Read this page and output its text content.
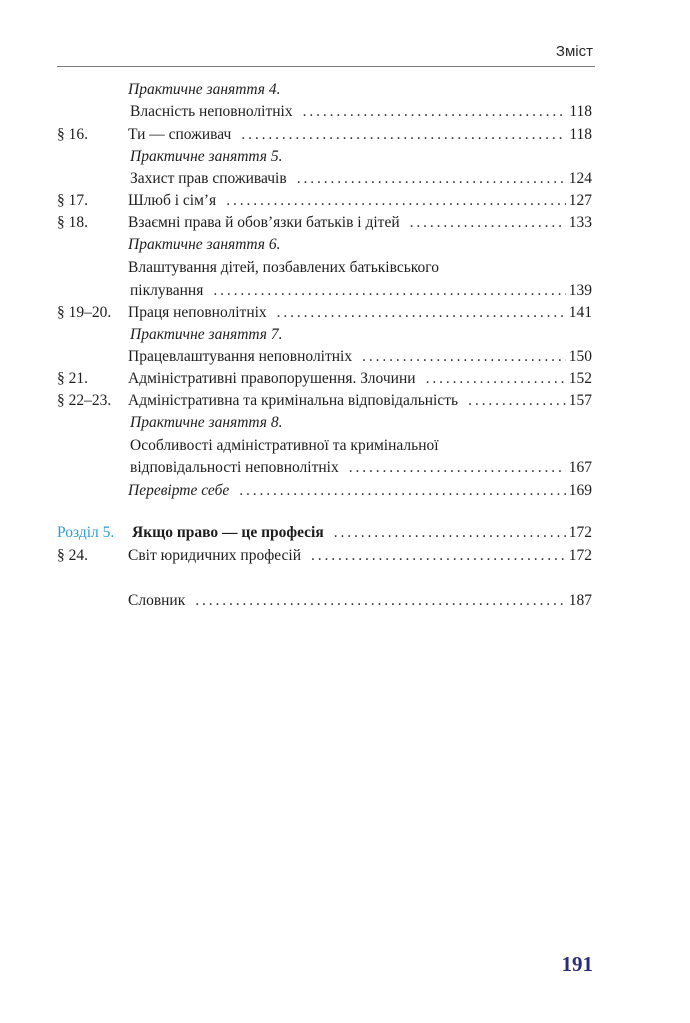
Зміст
Практичне заняття 4.
Власність неповнолітніх . . .	118
§ 16.	Ти — споживач . . .	118
Практичне заняття 5.
Захист прав споживачів . . .	124
§ 17.	Шлюб і сім’я . . .	127
§ 18.	Взаємні права й обов’язки батьків і дітей . . .	133
Практичне заняття 6.
Влаштування дітей, позбавлених батьківського
піклування . . .	139
§ 19–20. Праця неповнолітніх . . .	141
Практичне заняття 7.
Працевлаштування неповнолітніх . . .	150
§ 21.	Адміністративні правопорушення. Злочини . . .	152
§ 22–23. Адміністративна та кримінальна відповідальність . . .	157
Практичне заняття 8.
Особливості адміністративної та кримінальної
відповідальності неповнолітніх . . .	167
Перевірте себе . . .	169
Розділ 5. Якщо право — це професія . . .	172
§ 24.	Світ юридичних професій . . .	172
Словник . . .	187
191
